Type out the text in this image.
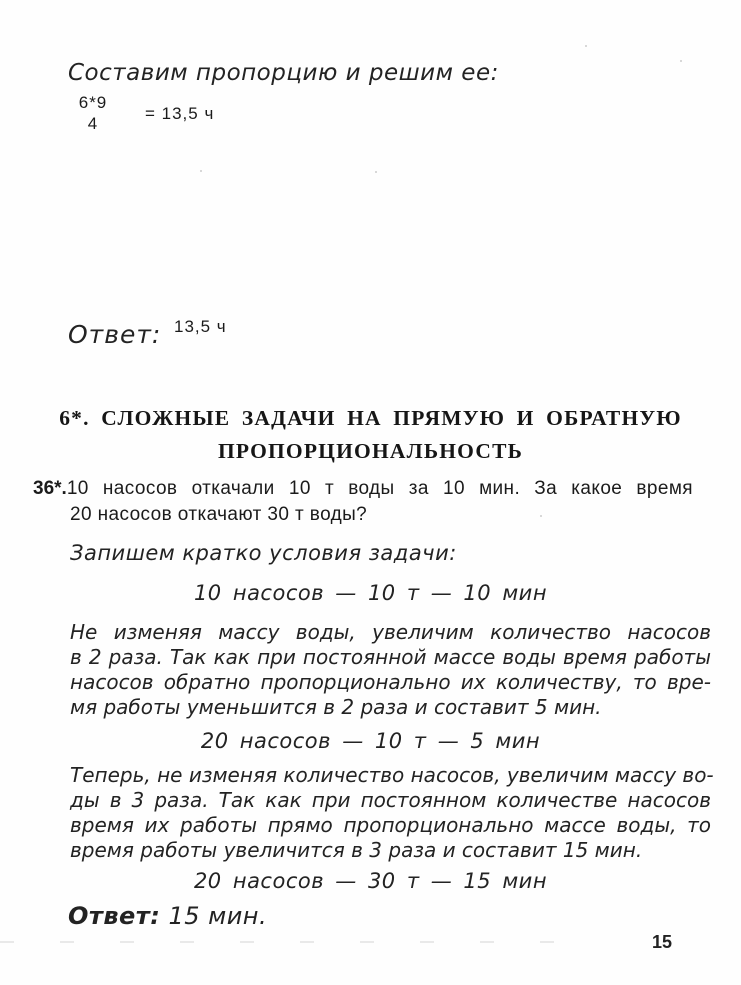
Составим пропорцию и решим ее:
6*9
4
= 13,5 ч
Ответ: 13,5 ч
6*. СЛОЖНЫЕ ЗАДАЧИ НА ПРЯМУЮ И ОБРАТНУЮ
ПРОПОРЦИОНАЛЬНОСТЬ
36*.10 насосов откачали 10 т воды за 10 мин. За какое время
20 насосов откачают 30 т воды?
Запишем кратко условия задачи:
10 насосов — 10 т — 10 мин
Не изменяя массу воды, увеличим количество насосов
в 2 раза. Так как при постоянной массе воды время работы
насосов обратно пропорционально их количеству, то вре-
мя работы уменьшится в 2 раза и составит 5 мин.
20 насосов — 10 т — 5 мин
Теперь, не изменяя количество насосов, увеличим массу во-
ды в 3 раза. Так как при постоянном количестве насосов
время их работы прямо пропорционально массе воды, то
время работы увеличится в 3 раза и составит 15 мин.
20 насосов — 30 т — 15 мин
Ответ: 15 мин.
15
